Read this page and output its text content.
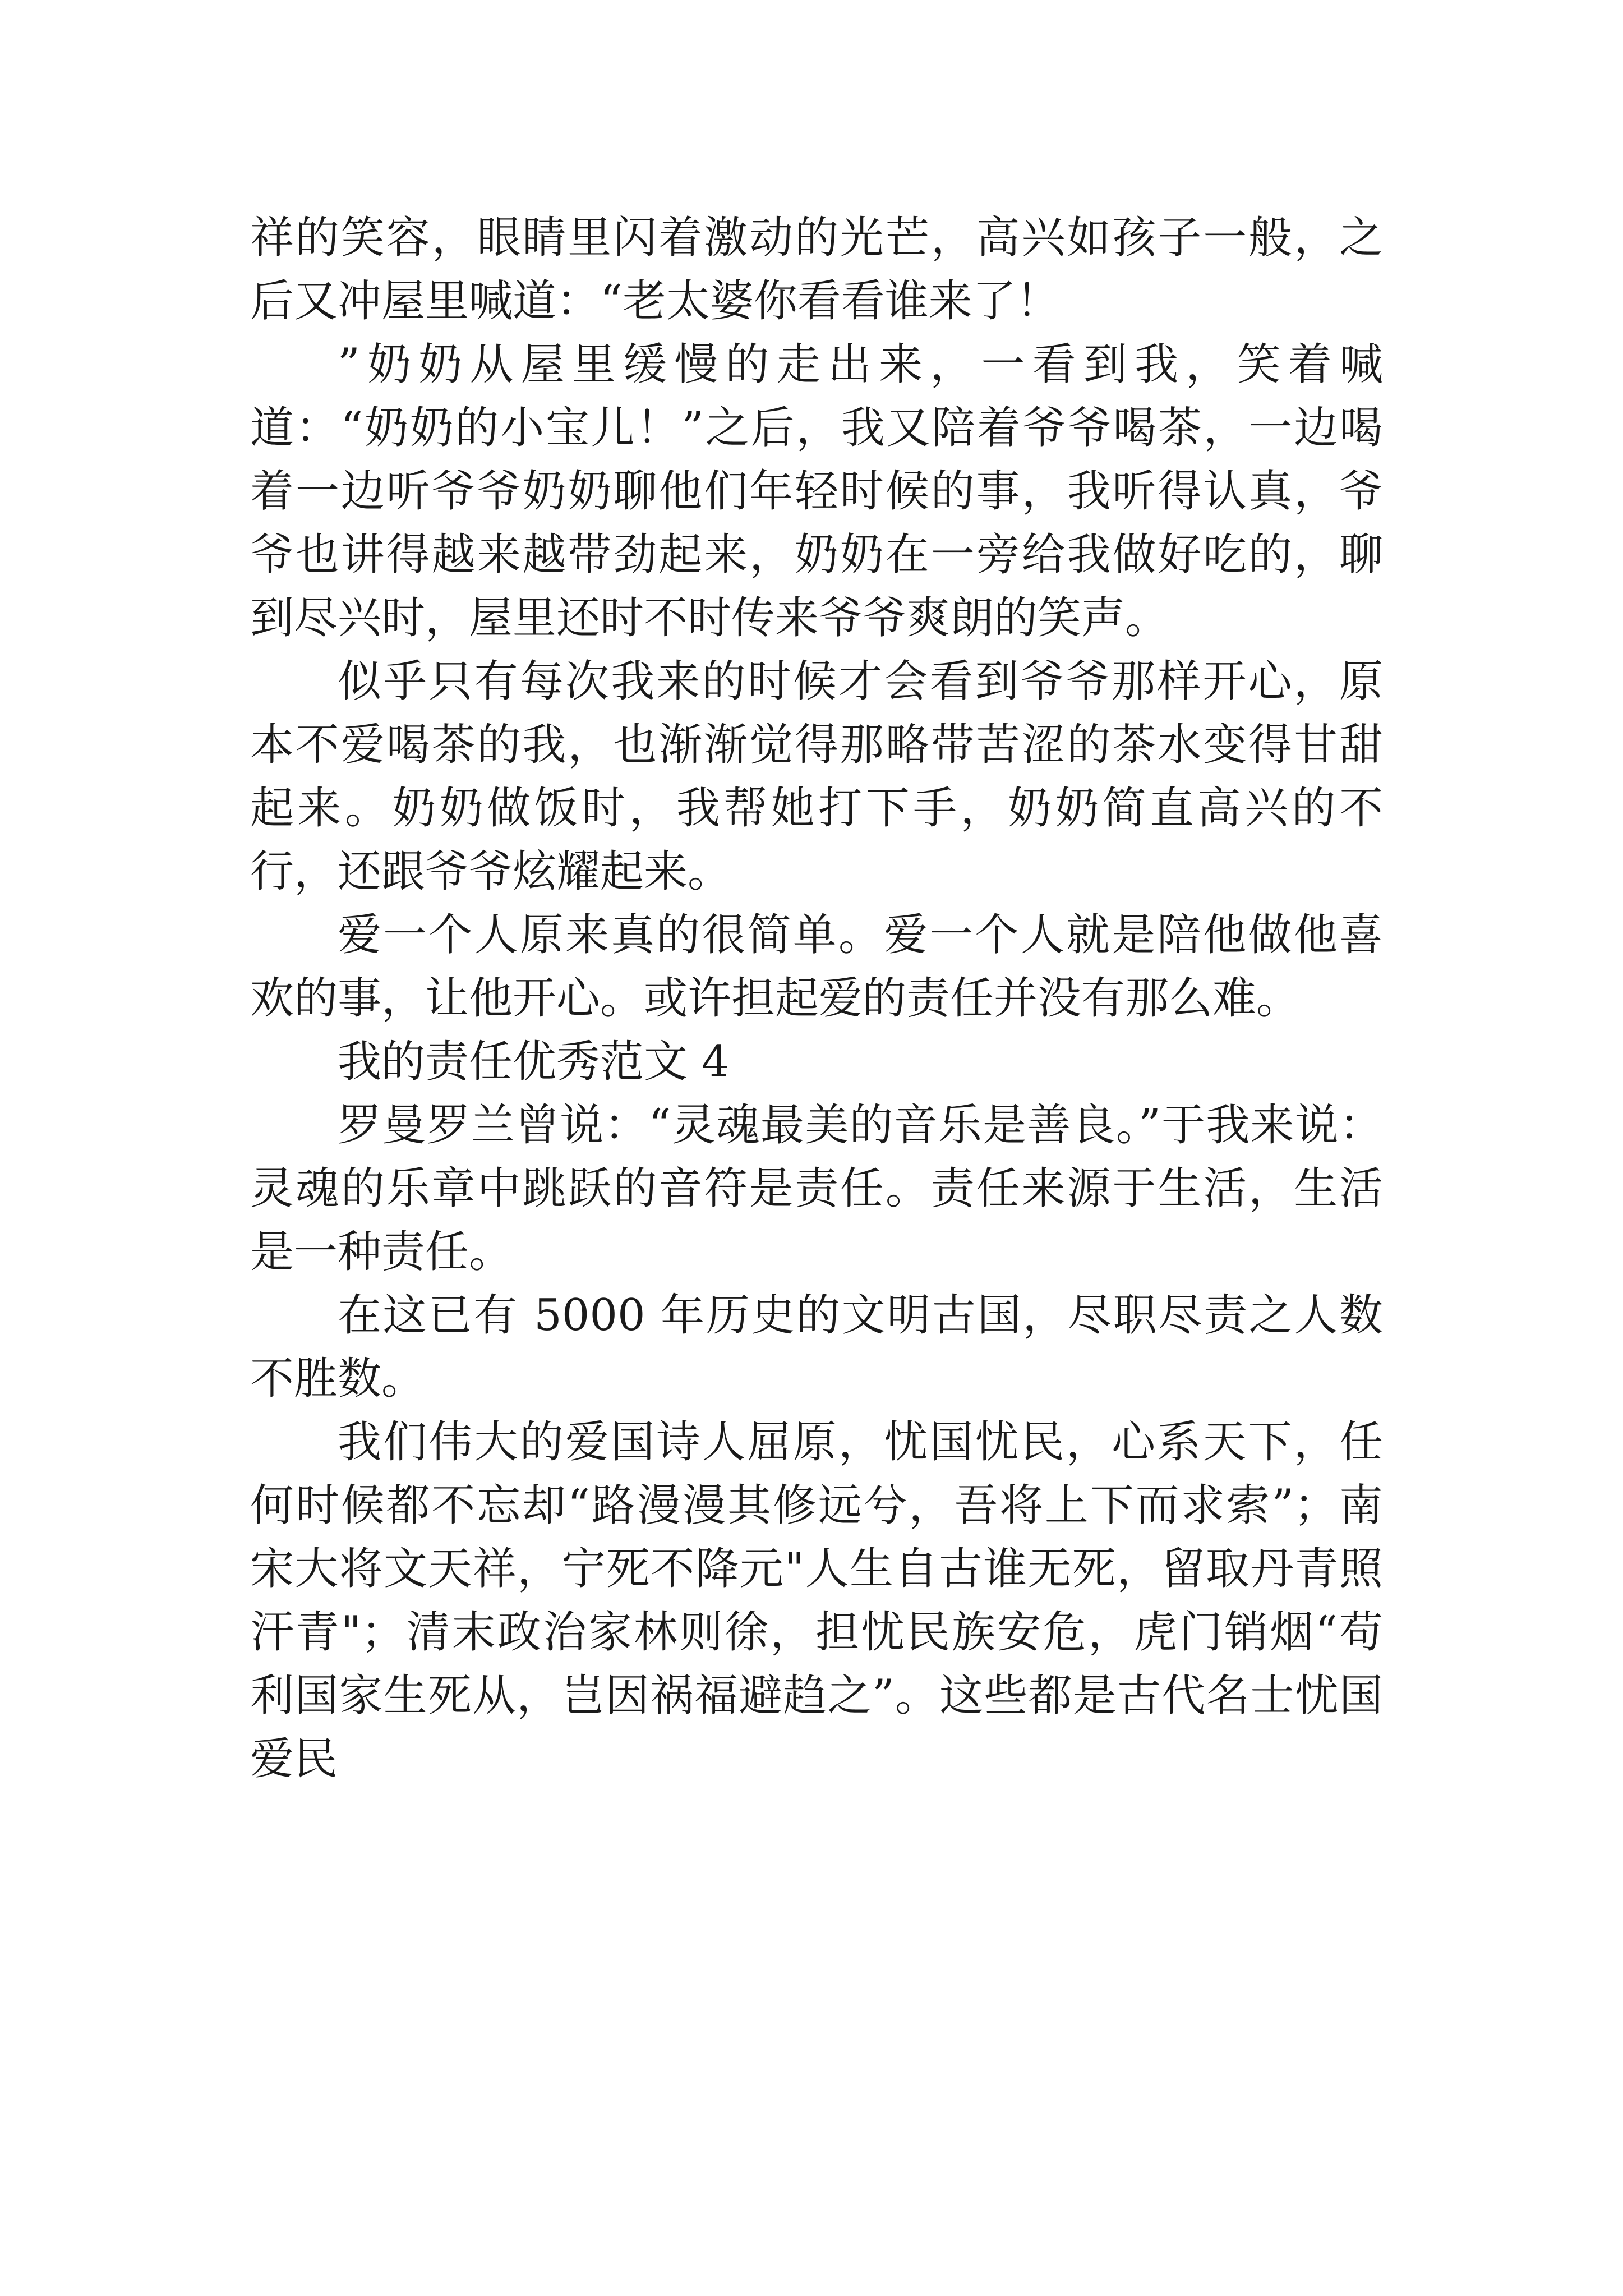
祥的笑容，眼睛里闪着激动的光芒，高兴如孩子一般，之后又冲屋里喊道：“老太婆你看看谁来了！

”奶奶从屋里缓慢的走出来，一看到我，笑着喊道：“奶奶的小宝儿！”之后，我又陪着爷爷喝茶，一边喝着一边听爷爷奶奶聊他们年轻时候的事，我听得认真，爷爷也讲得越来越带劲起来，奶奶在一旁给我做好吃的，聊到尽兴时，屋里还时不时传来爷爷爽朗的笑声。

似乎只有每次我来的时候才会看到爷爷那样开心，原本不爱喝茶的我，也渐渐觉得那略带苦涩的茶水变得甘甜起来。奶奶做饭时，我帮她打下手，奶奶简直高兴的不行，还跟爷爷炫耀起来。

爱一个人原来真的很简单。爱一个人就是陪他做他喜欢的事，让他开心。或许担起爱的责任并没有那么难。

我的责任优秀范文 4

罗曼罗兰曾说：“灵魂最美的音乐是善良。”于我来说：灵魂的乐章中跳跃的音符是责任。责任来源于生活，生活是一种责任。

在这已有 5000 年历史的文明古国，尽职尽责之人数不胜数。

我们伟大的爱国诗人屈原，忧国忧民，心系天下，任何时候都不忘却“路漫漫其修远兮，吾将上下而求索”；南宋大将文天祥，宁死不降元"人生自古谁无死，留取丹青照汗青"；清末政治家林则徐，担忧民族安危，虎门销烟“苟利国家生死从，岂因祸福避趋之”。这些都是古代名士忧国爱民
